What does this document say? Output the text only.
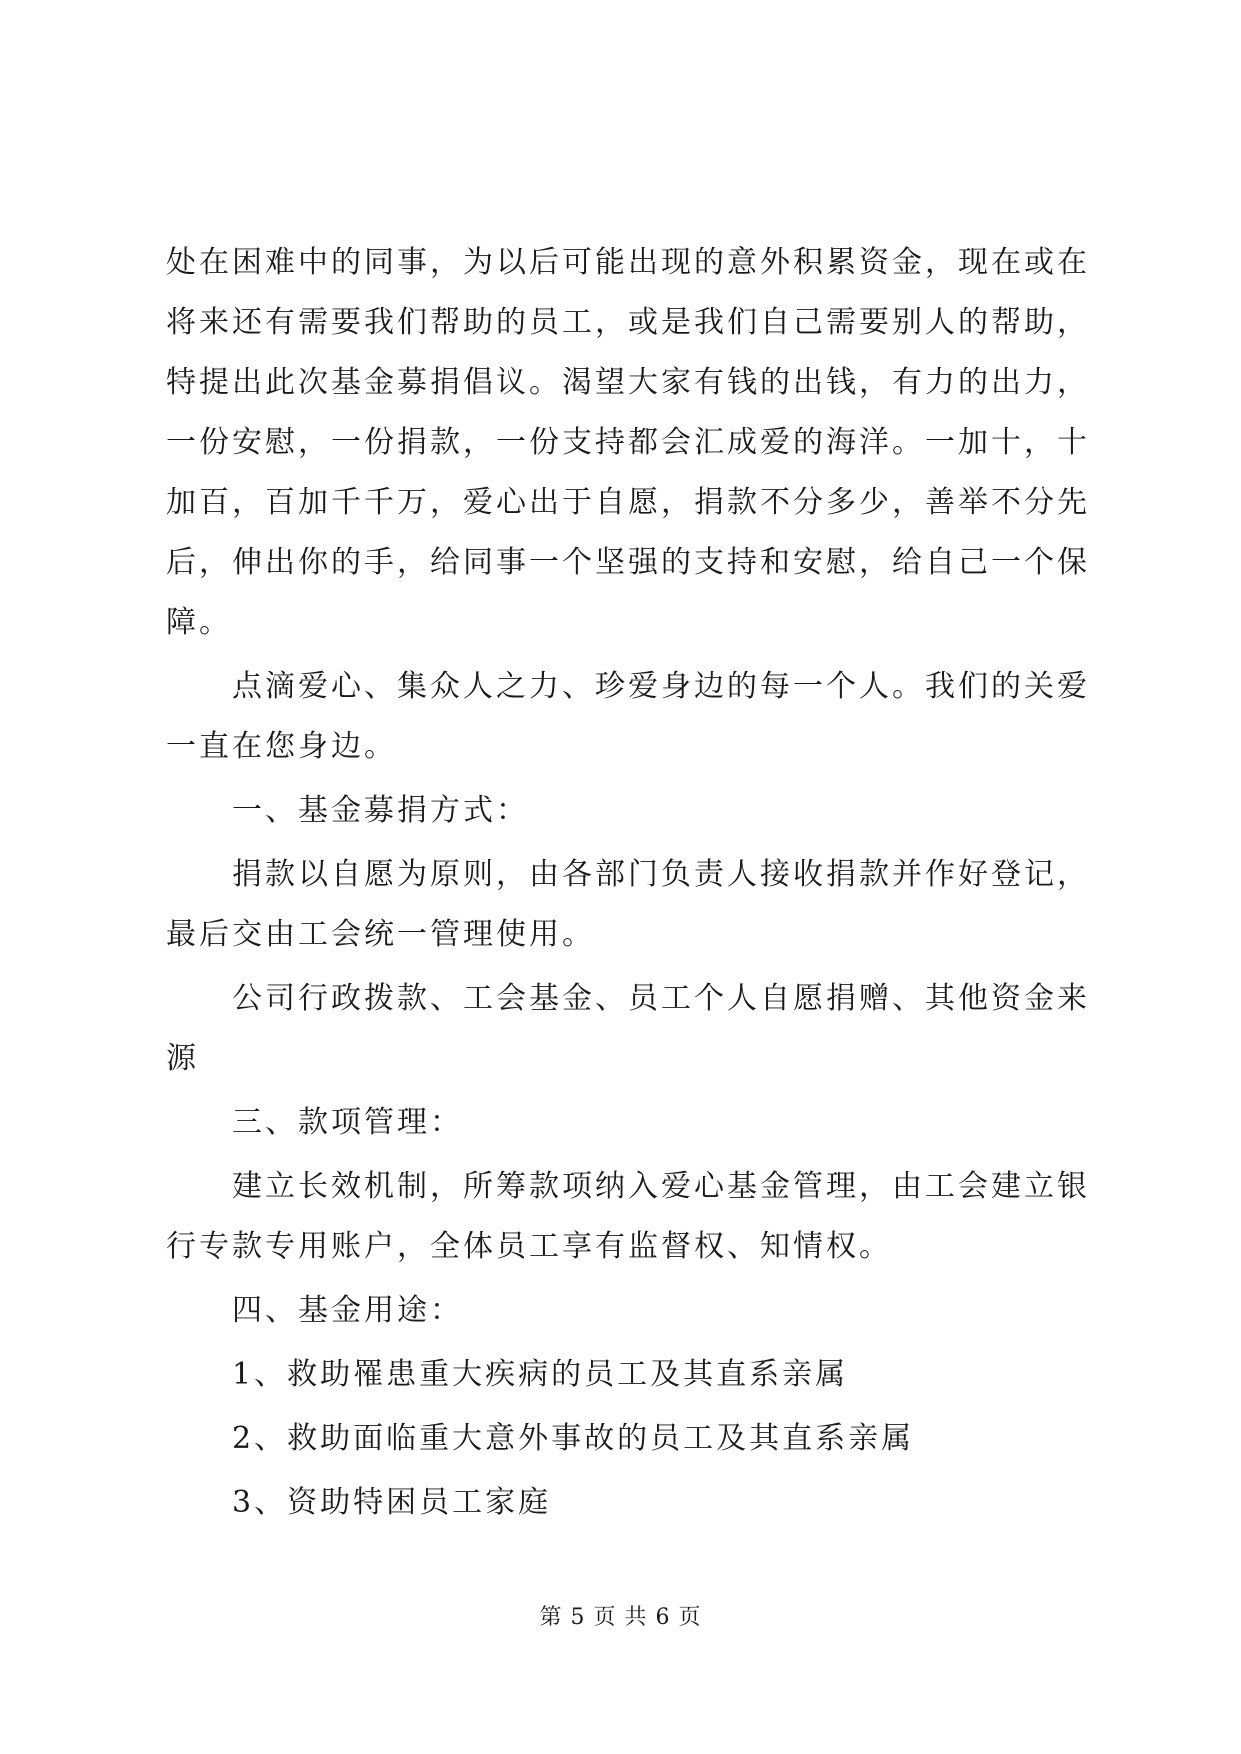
处在困难中的同事，为以后可能出现的意外积累资金，现在或在将来还有需要我们帮助的员工，或是我们自己需要别人的帮助，特提出此次基金募捐倡议。渴望大家有钱的出钱，有力的出力，一份安慰，一份捐款，一份支持都会汇成爱的海洋。一加十，十加百，百加千千万，爱心出于自愿，捐款不分多少，善举不分先后，伸出你的手，给同事一个坚强的支持和安慰，给自己一个保障。

点滴爱心、集众人之力、珍爱身边的每一个人。我们的关爱一直在您身边。

一、基金募捐方式：

捐款以自愿为原则，由各部门负责人接收捐款并作好登记，最后交由工会统一管理使用。

公司行政拨款、工会基金、员工个人自愿捐赠、其他资金来源

三、款项管理：

建立长效机制，所筹款项纳入爱心基金管理，由工会建立银行专款专用账户，全体员工享有监督权、知情权。

四、基金用途：

1、救助罹患重大疾病的员工及其直系亲属

2、救助面临重大意外事故的员工及其直系亲属

3、资助特困员工家庭

第 5 页 共 6 页
